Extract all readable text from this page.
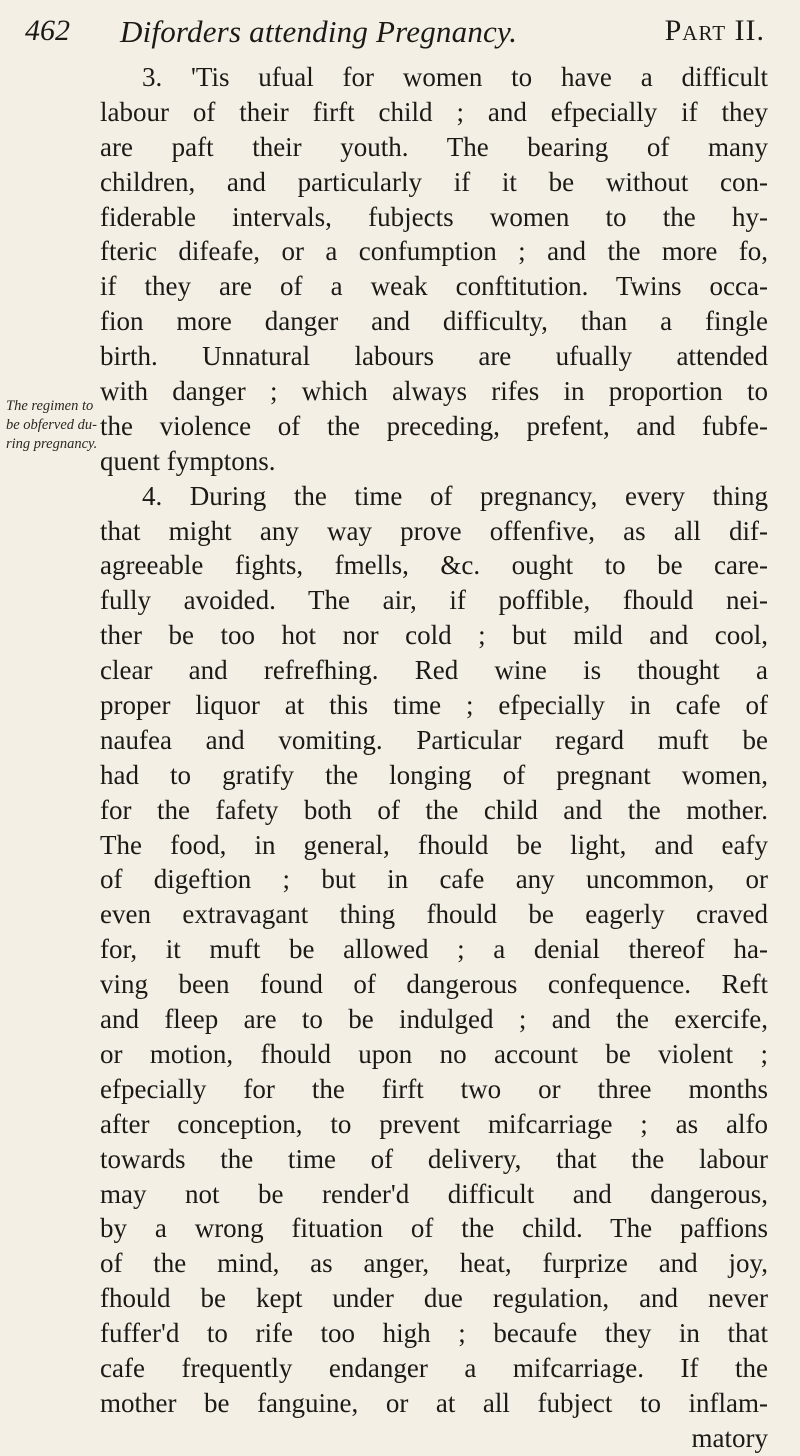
462 Diforders attending Pregnancy.	Part II.
The regimen to
be obferved du-
ring pregnancy.
3. 'Tis ufual for women to have a difficult
labour of their firft child ; and efpecially if they
are paft their youth. The bearing of many
children, and particularly if it be without con-
fiderable intervals, fubjects women to the hy-
fteric difeafe, or a confumption ; and the more fo,
if they are of a weak conftitution. Twins occa-
fion more danger and difficulty, than a fingle
birth. Unnatural labours are ufually attended
with danger ; which always rifes in proportion to
the violence of the preceding, prefent, and fubfe-
quent fymptons.
4. During the time of pregnancy, every thing
that might any way prove offenfive, as all dif-
agreeable fights, fmells, &c. ought to be care-
fully avoided. The air, if poffible, fhould nei-
ther be too hot nor cold ; but mild and cool,
clear and refrefhing. Red wine is thought a
proper liquor at this time ; efpecially in cafe of
naufea and vomiting. Particular regard muft be
had to gratify the longing of pregnant women,
for the fafety both of the child and the mother.
The food, in general, fhould be light, and eafy
of digeftion ; but in cafe any uncommon, or
even extravagant thing fhould be eagerly craved
for, it muft be allowed ; a denial thereof ha-
ving been found of dangerous confequence. Reft
and fleep are to be indulged ; and the exercife,
or motion, fhould upon no account be violent ;
efpecially for the firft two or three months
after conception, to prevent mifcarriage ; as alfo
towards the time of delivery, that the labour
may not be render'd difficult and dangerous,
by a wrong fituation of the child. The paffions
of the mind, as anger, heat, furprize and joy,
fhould be kept under due regulation, and never
fuffer'd to rife too high ; becaufe they in that
cafe frequently endanger a mifcarriage. If the
mother be fanguine, or at all fubject to inflam-
matory
